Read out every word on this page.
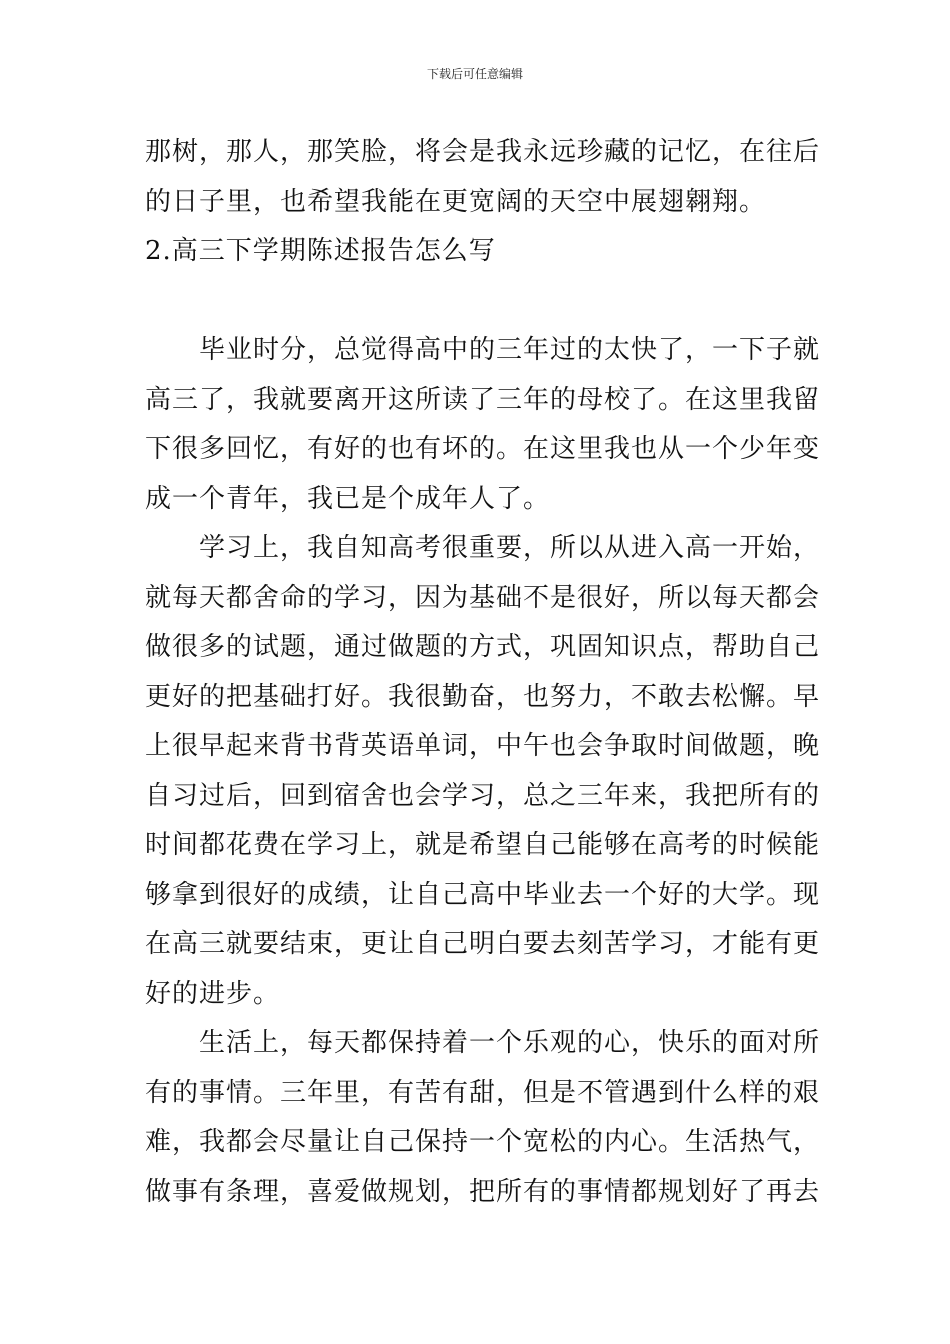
下载后可任意编辑
那树，那人，那笑脸，将会是我永远珍藏的记忆，在往后
的日子里，也希望我能在更宽阔的天空中展翅翱翔。
2.高三下学期陈述报告怎么写
　　毕业时分，总觉得高中的三年过的太快了，一下子就
高三了，我就要离开这所读了三年的母校了。在这里我留
下很多回忆，有好的也有坏的。在这里我也从一个少年变
成一个青年，我已是个成年人了。
　　学习上，我自知高考很重要，所以从进入高一开始，
就每天都舍命的学习，因为基础不是很好，所以每天都会
做很多的试题，通过做题的方式，巩固知识点，帮助自己
更好的把基础打好。我很勤奋，也努力，不敢去松懈。早
上很早起来背书背英语单词，中午也会争取时间做题，晚
自习过后，回到宿舍也会学习，总之三年来，我把所有的
时间都花费在学习上，就是希望自己能够在高考的时候能
够拿到很好的成绩，让自己高中毕业去一个好的大学。现
在高三就要结束，更让自己明白要去刻苦学习，才能有更
好的进步。
　　生活上，每天都保持着一个乐观的心，快乐的面对所
有的事情。三年里，有苦有甜，但是不管遇到什么样的艰
难，我都会尽量让自己保持一个宽松的内心。生活热气，
做事有条理，喜爱做规划，把所有的事情都规划好了再去
